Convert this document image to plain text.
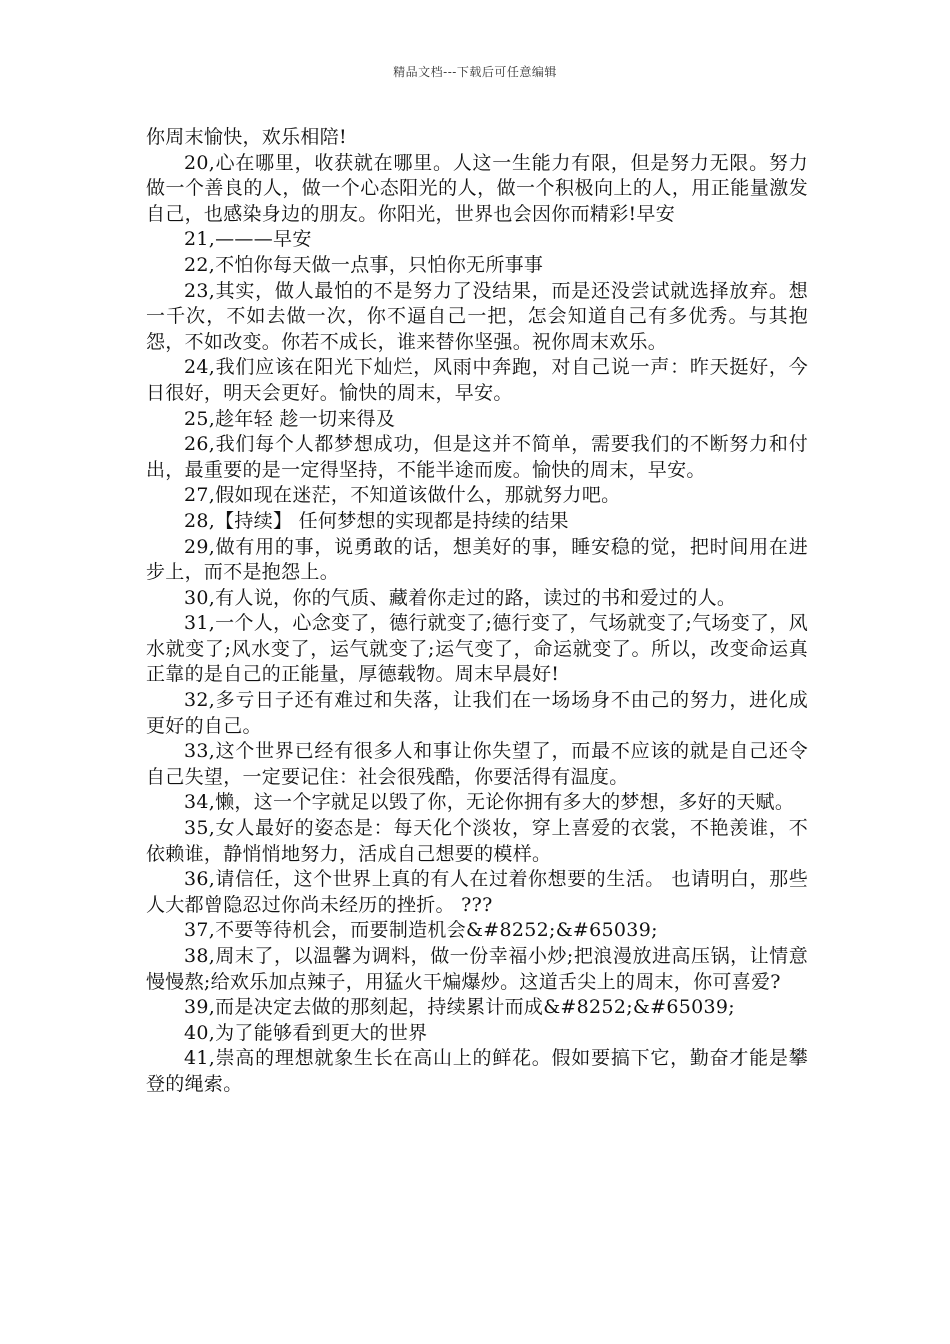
精品文档---下载后可任意编辑

你周末愉快，欢乐相陪!

20,心在哪里，收获就在哪里。人这一生能力有限，但是努力无限。努力做一个善良的人，做一个心态阳光的人，做一个积极向上的人，用正能量激发自己，也感染身边的朋友。你阳光，世界也会因你而精彩!早安

21,———早安

22,不怕你每天做一点事，只怕你无所事事

23,其实，做人最怕的不是努力了没结果，而是还没尝试就选择放弃。想一千次，不如去做一次，你不逼自己一把，怎会知道自己有多优秀。与其抱怨，不如改变。你若不成长，谁来替你坚强。祝你周末欢乐。

24,我们应该在阳光下灿烂，风雨中奔跑，对自己说一声：昨天挺好，今日很好，明天会更好。愉快的周末，早安。

25,趁年轻 趁一切来得及

26,我们每个人都梦想成功，但是这并不简单，需要我们的不断努力和付出，最重要的是一定得坚持，不能半途而废。愉快的周末，早安。

27,假如现在迷茫，不知道该做什么，那就努力吧。

28,【持续】 任何梦想的实现都是持续的结果

29,做有用的事，说勇敢的话，想美好的事，睡安稳的觉，把时间用在进步上，而不是抱怨上。

30,有人说，你的气质、藏着你走过的路，读过的书和爱过的人。

31,一个人，心念变了，德行就变了;德行变了，气场就变了;气场变了，风水就变了;风水变了，运气就变了;运气变了，命运就变了。所以，改变命运真正靠的是自己的正能量，厚德载物。周末早晨好!

32,多亏日子还有难过和失落，让我们在一场场身不由己的努力，进化成更好的自己。

33,这个世界已经有很多人和事让你失望了，而最不应该的就是自己还令自己失望，一定要记住：社会很残酷，你要活得有温度。

34,懒，这一个字就足以毁了你，无论你拥有多大的梦想，多好的天赋。

35,女人最好的姿态是：每天化个淡妆，穿上喜爱的衣裳，不艳羡谁，不依赖谁，静悄悄地努力，活成自己想要的模样。

36,请信任，这个世界上真的有人在过着你想要的生活。 也请明白，那些人大都曾隐忍过你尚未经历的挫折。 ???

37,不要等待机会，而要制造机会&#8252;&#65039;

38,周末了，以温馨为调料，做一份幸福小炒;把浪漫放进高压锅，让情意慢慢熬;给欢乐加点辣子，用猛火干煸爆炒。这道舌尖上的周末，你可喜爱?

39,而是决定去做的那刻起，持续累计而成&#8252;&#65039;

40,为了能够看到更大的世界

41,崇高的理想就象生长在高山上的鲜花。假如要搞下它，勤奋才能是攀登的绳索。
